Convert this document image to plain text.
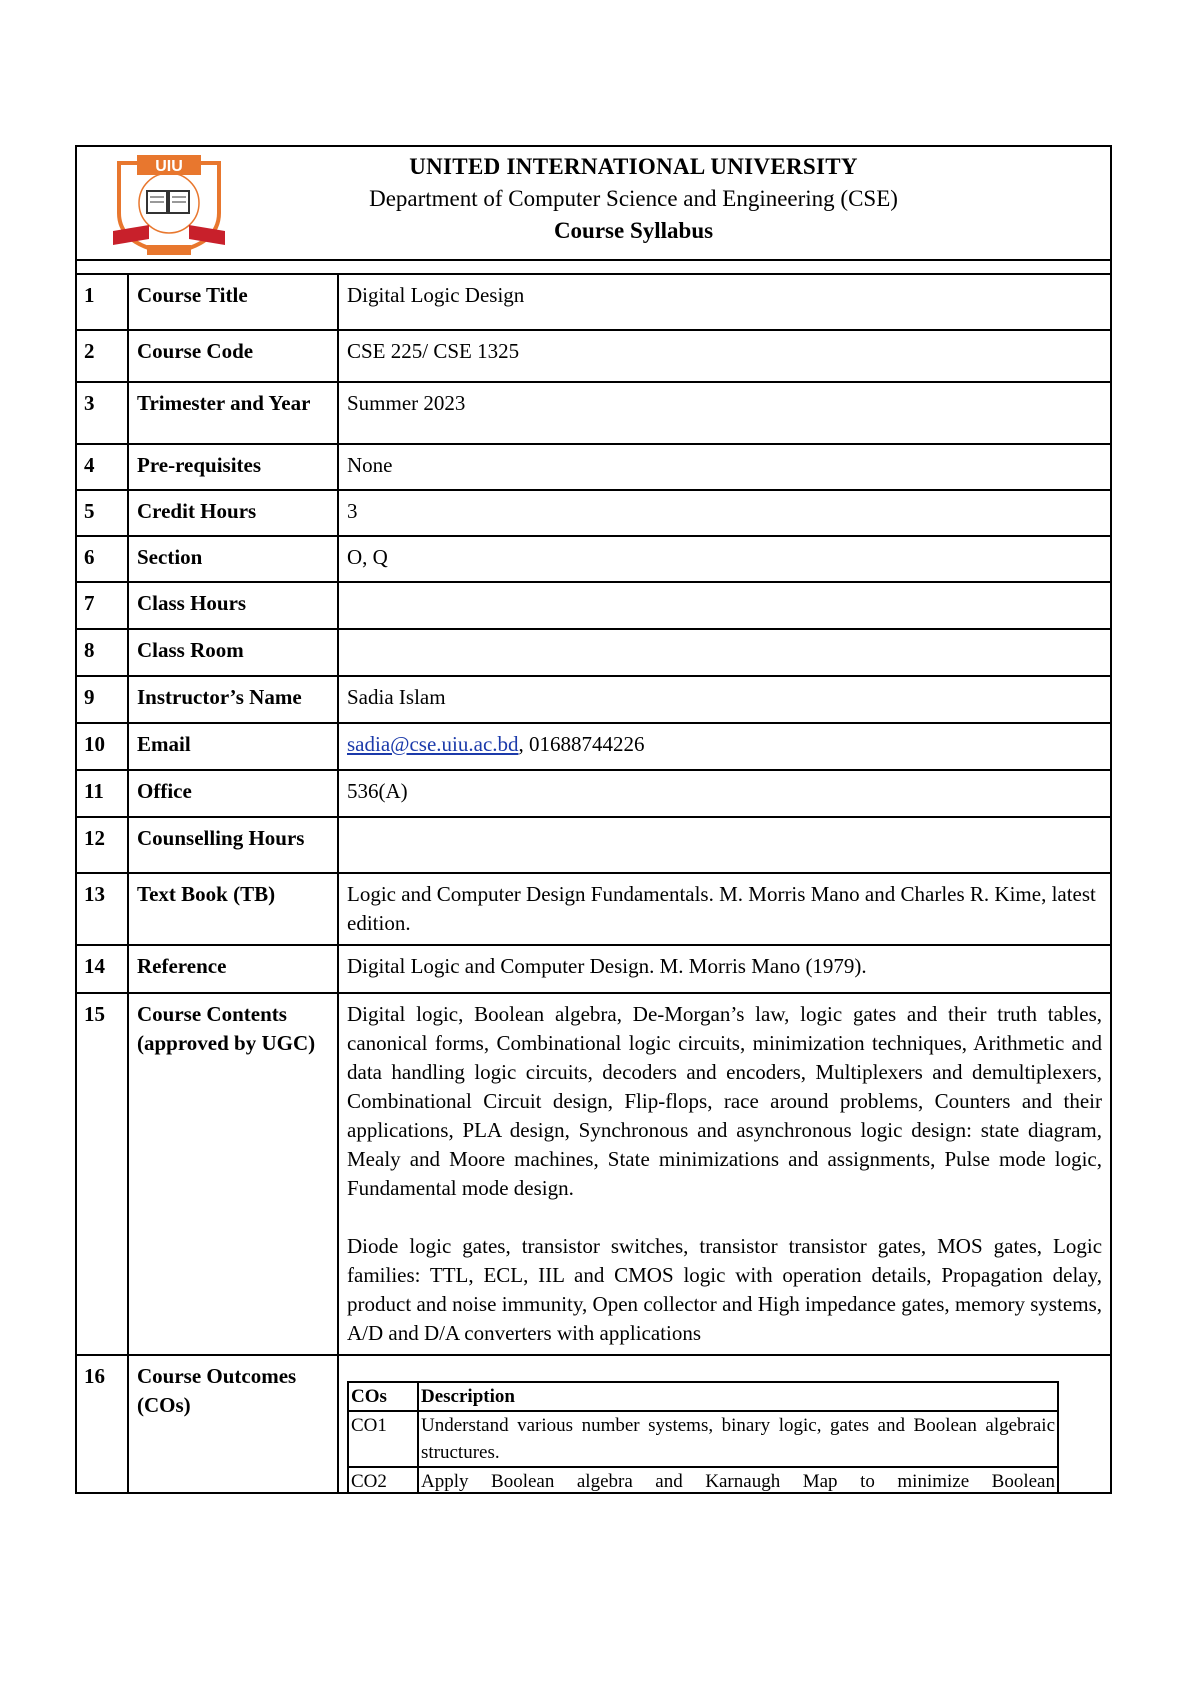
UIU	UNITED INTERNATIONAL UNIVERSITY
Department of Computer Science and Engineering (CSE)
Course Syllabus

1	Course Title	Digital Logic Design
2	Course Code	CSE 225/ CSE 1325
3	Trimester and Year	Summer 2023
4	Pre-requisites	None
5	Credit Hours	3
6	Section	O, Q
7	Class Hours	
8	Class Room	
9	Instructor’s Name	Sadia Islam
10	Email	sadia@cse.uiu.ac.bd, 01688744226
11	Office	536(A)
12	Counselling Hours	
13	Text Book (TB)	Logic and Computer Design Fundamentals. M. Morris Mano and Charles R. Kime, latest edition.
14	Reference	Digital Logic and Computer Design. M. Morris Mano (1979).
15	Course Contents (approved by UGC)	
Digital logic, Boolean algebra, De-Morgan’s law, logic gates and their truth tables, canonical forms, Combinational logic circuits, minimization techniques, Arithmetic and data handling logic circuits, decoders and encoders, Multiplexers and demultiplexers, Combinational Circuit design, Flip-flops, race around problems, Counters and their applications, PLA design, Synchronous and asynchronous logic design: state diagram, Mealy and Moore machines, State minimizations and assignments, Pulse mode logic, Fundamental mode design.
Diode logic gates, transistor switches, transistor transistor gates, MOS gates, Logic families: TTL, ECL, IIL and CMOS logic with operation details, Propagation delay, product and noise immunity, Open collector and High impedance gates, memory systems, A/D and D/A converters with applications

16	Course Outcomes (COs)		COs	Description
CO1	Understand various number systems, binary logic, gates and Boolean algebraic structures.
CO2	Apply Boolean algebra and Karnaugh Map to minimize Boolean
